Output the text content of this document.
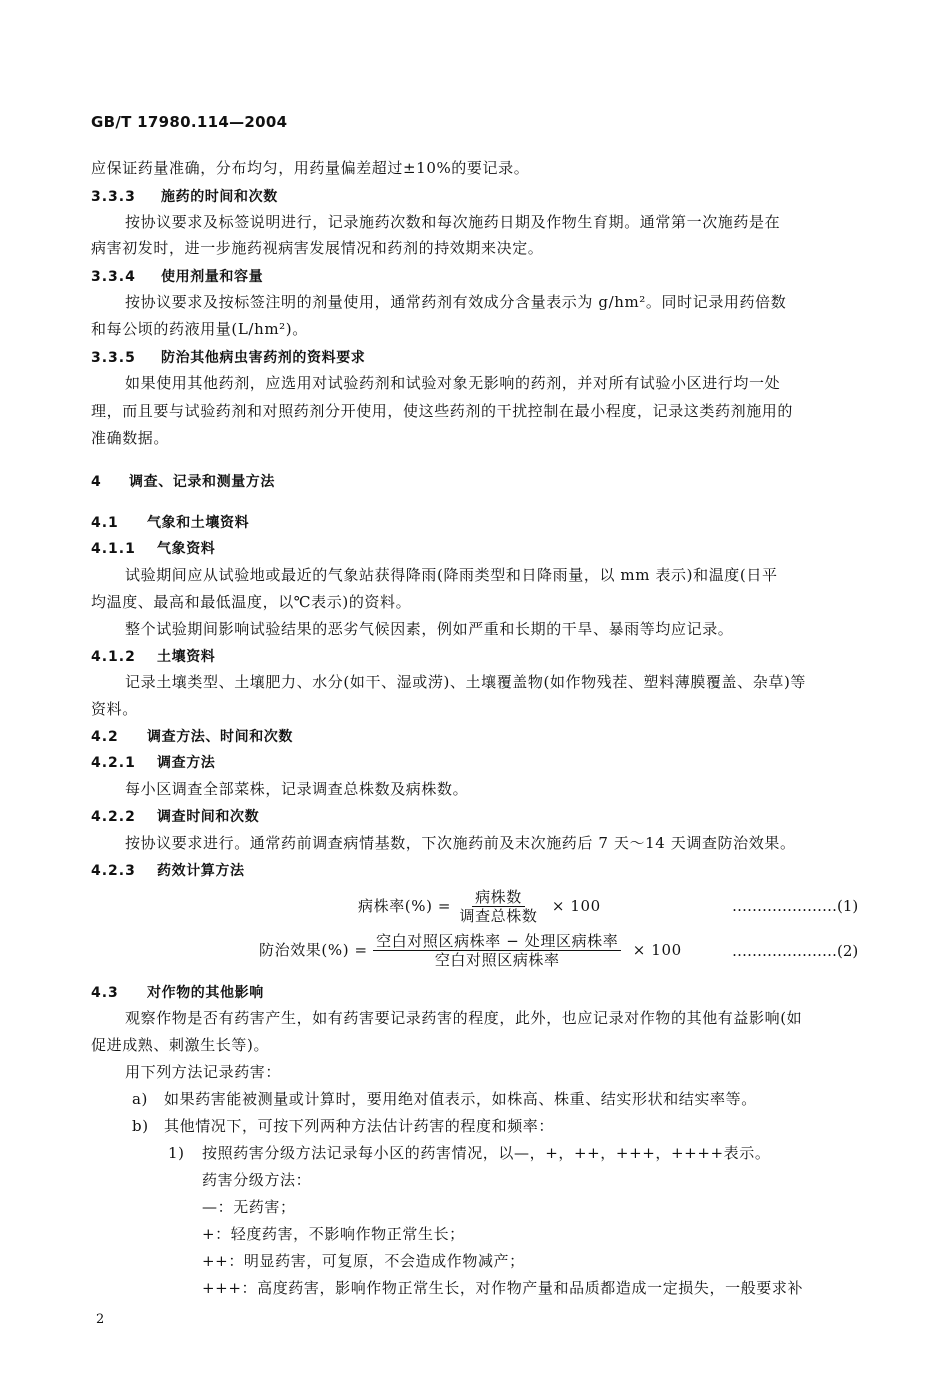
GB/T 17980.114—2004
应保证药量准确，分布均匀，用药量偏差超过±10%的要记录。
3.3.3 施药的时间和次数
按协议要求及标签说明进行，记录施药次数和每次施药日期及作物生育期。通常第一次施药是在
病害初发时，进一步施药视病害发展情况和药剂的持效期来决定。
3.3.4 使用剂量和容量
按协议要求及按标签注明的剂量使用，通常药剂有效成分含量表示为 g/hm²。同时记录用药倍数
和每公顷的药液用量(L/hm²)。
3.3.5 防治其他病虫害药剂的资料要求
如果使用其他药剂，应选用对试验药剂和试验对象无影响的药剂，并对所有试验小区进行均一处
理，而且要与试验药剂和对照药剂分开使用，使这些药剂的干扰控制在最小程度，记录这类药剂施用的
准确数据。
4 调查、记录和测量方法
4.1 气象和土壤资料
4.1.1 气象资料
试验期间应从试验地或最近的气象站获得降雨(降雨类型和日降雨量，以 mm 表示)和温度(日平
均温度、最高和最低温度，以℃表示)的资料。
整个试验期间影响试验结果的恶劣气候因素，例如严重和长期的干旱、暴雨等均应记录。
4.1.2 土壤资料
记录土壤类型、土壤肥力、水分(如干、湿或涝)、土壤覆盖物(如作物残茬、塑料薄膜覆盖、杂草)等
资料。
4.2 调查方法、时间和次数
4.2.1 调查方法
每小区调查全部菜株，记录调查总株数及病株数。
4.2.2 调查时间和次数
按协议要求进行。通常药前调查病情基数，下次施药前及末次施药后 7 天～14 天调查防治效果。
4.2.3 药效计算方法
病株率(%) = $\frac{\text{病株数}}{\text{调查总株数}} \times 100$	…………………(1)
防治效果(%) = $\frac{\text{空白对照区病株率 − 处理区病株率}}{\text{空白对照区病株率}} \times 100$	…………………(2)
4.3 对作物的其他影响
观察作物是否有药害产生，如有药害要记录药害的程度，此外，也应记录对作物的其他有益影响(如
促进成熟、刺激生长等)。
用下列方法记录药害：
a) 如果药害能被测量或计算时，要用绝对值表示，如株高、株重、结实形状和结实率等。
b) 其他情况下，可按下列两种方法估计药害的程度和频率：
1) 按照药害分级方法记录每小区的药害情况，以—，+，++，+++，++++表示。
药害分级方法：
—：无药害；
+：轻度药害，不影响作物正常生长；
++：明显药害，可复原，不会造成作物减产；
+++：高度药害，影响作物正常生长，对作物产量和品质都造成一定损失，一般要求补
2
